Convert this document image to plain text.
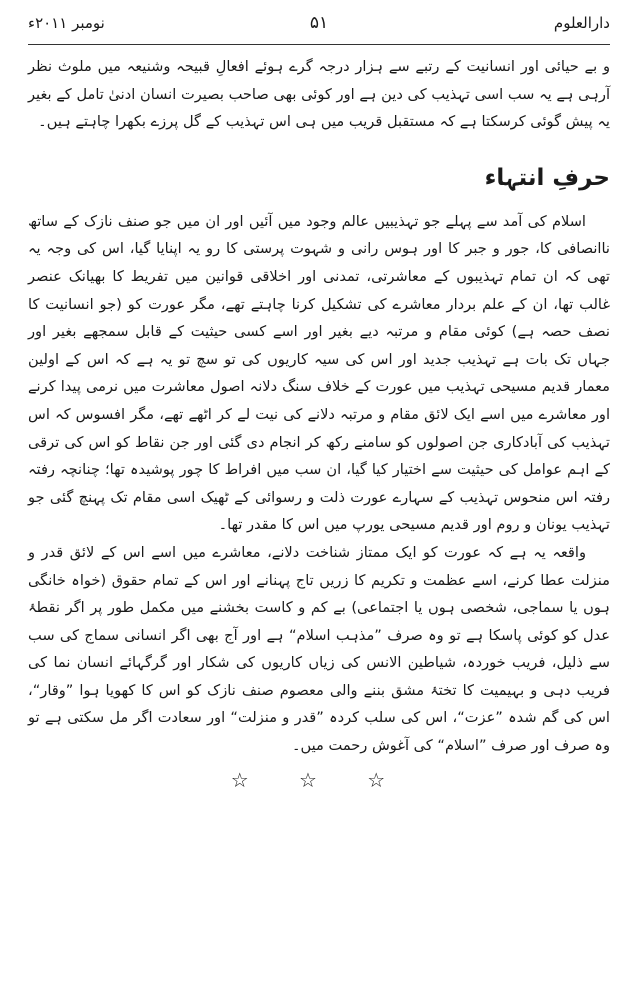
دارالعلوم
۵۱
نومبر ۲۰۱۱ء

و بے حیائی اور انسانیت کے رتبے سے ہزار درجہ گرے ہوئے افعالِ قبیحہ وشنیعہ میں ملوث نظر آرہی ہے یہ سب اسی تہذیب کی دین ہے اور کوئی بھی صاحب بصیرت انسان ادنیٰ تامل کے بغیر یہ پیش گوئی کرسکتا ہے کہ مستقبل قریب میں ہی اس تہذیب کے گل پرزے بکھرا چاہتے ہیں۔

حرفِ انتہاء

اسلام کی آمد سے پہلے جو تہذیبیں عالم وجود میں آئیں اور ان میں جو صنف نازک کے ساتھ ناانصافی کا، جور و جبر کا اور ہوس رانی و شہوت پرستی کا رو یہ اپنایا گیا، اس کی وجہ یہ تھی کہ ان تمام تہذیبوں کے معاشرتی، تمدنی اور اخلاقی قوانین میں تفریط کا بھیانک عنصر غالب تھا، ان کے علم بردار معاشرے کی تشکیل کرنا چاہتے تھے، مگر عورت کو (جو انسانیت کا نصف حصہ ہے) کوئی مقام و مرتبہ دیے بغیر اور اسے کسی حیثیت کے قابل سمجھے بغیر اور جہاں تک بات ہے تہذیب جدید اور اس کی سیہ کاریوں کی تو سچ تو یہ ہے کہ اس کے اولین معمار قدیم مسیحی تہذیب میں عورت کے خلاف سنگ دلانہ اصول معاشرت میں نرمی پیدا کرنے اور معاشرے میں اسے ایک لائق مقام و مرتبہ دلانے کی نیت لے کر اٹھے تھے، مگر افسوس کہ اس تہذیب کی آبادکاری جن اصولوں کو سامنے رکھ کر انجام دی گئی اور جن نقاط کو اس کی ترقی کے اہم عوامل کی حیثیت سے اختیار کیا گیا، ان سب میں افراط کا چور پوشیدہ تھا؛ چنانچہ رفتہ رفتہ اس منحوس تہذیب کے سہارے عورت ذلت و رسوائی کے ٹھیک اسی مقام تک پہنچ گئی جو تہذیب یونان و روم اور قدیم مسیحی یورپ میں اس کا مقدر تھا۔

واقعہ یہ ہے کہ عورت کو ایک ممتاز شناخت دلانے، معاشرے میں اسے اس کے لائق قدر و منزلت عطا کرنے، اسے عظمت و تکریم کا زریں تاج پہنانے اور اس کے تمام حقوق (خواہ خانگی ہوں یا سماجی، شخصی ہوں یا اجتماعی) بے کم و کاست بخشنے میں مکمل طور پر اگر نقطۂ عدل کو کوئی پاسکا ہے تو وہ صرف ”مذہب اسلام“ ہے اور آج بھی اگر انسانی سماج کی سب سے ذلیل، فریب خوردہ، شیاطین الانس کی زیاں کاریوں کی شکار اور گرگہائے انسان نما کی فریب دہی و بہیمیت کا تختۂ مشق بننے والی معصوم صنف نازک کو اس کا کھویا ہوا ”وقار“، اس کی گم شدہ ”عزت“، اس کی سلب کردہ ”قدر و منزلت“ اور سعادت اگر مل سکتی ہے تو وہ صرف اور صرف ”اسلام“ کی آغوش رحمت میں۔

☆ ☆ ☆
